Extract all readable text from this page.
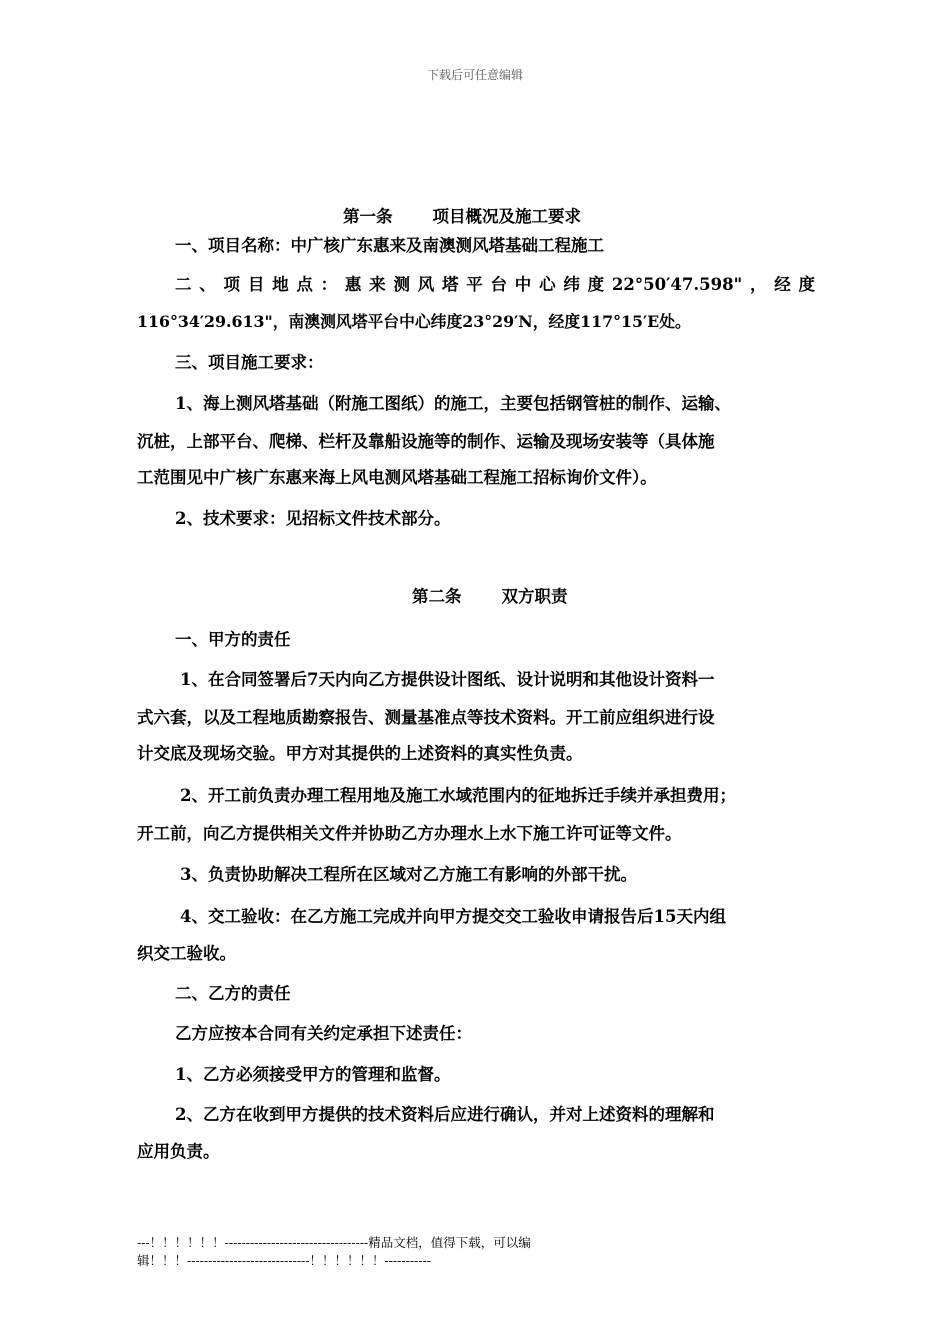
下载后可任意编辑
第一条 项目概况及施工要求
一、项目名称：中广核广东惠来及南澳测风塔基础工程施工
二、项目地点：惠来测风塔平台中心纬度22°50′47.598"，经度
116°34′29.613"，南澳测风塔平台中心纬度23°29′N，经度117°15′E处。
三、项目施工要求：
1、海上测风塔基础（附施工图纸）的施工，主要包括钢管桩的制作、运输、
沉桩，上部平台、爬梯、栏杆及靠船设施等的制作、运输及现场安装等（具体施
工范围见中广核广东惠来海上风电测风塔基础工程施工招标询价文件）。
2、技术要求：见招标文件技术部分。
第二条 双方职责
一、甲方的责任
1、在合同签署后7天内向乙方提供设计图纸、设计说明和其他设计资料一
式六套，以及工程地质勘察报告、测量基准点等技术资料。开工前应组织进行设
计交底及现场交验。甲方对其提供的上述资料的真实性负责。
2、开工前负责办理工程用地及施工水域范围内的征地拆迁手续并承担费用；
开工前，向乙方提供相关文件并协助乙方办理水上水下施工许可证等文件。
3、负责协助解决工程所在区域对乙方施工有影响的外部干扰。
4、交工验收：在乙方施工完成并向甲方提交交工验收申请报告后15天内组
织交工验收。
二、乙方的责任
乙方应按本合同有关约定承担下述责任：
1、乙方必须接受甲方的管理和监督。
2、乙方在收到甲方提供的技术资料后应进行确认，并对上述资料的理解和
应用负责。
---！！！！！！----------------------------------精品文档，值得下载，可以编
辑！！！-----------------------------！！！！！！-----------
